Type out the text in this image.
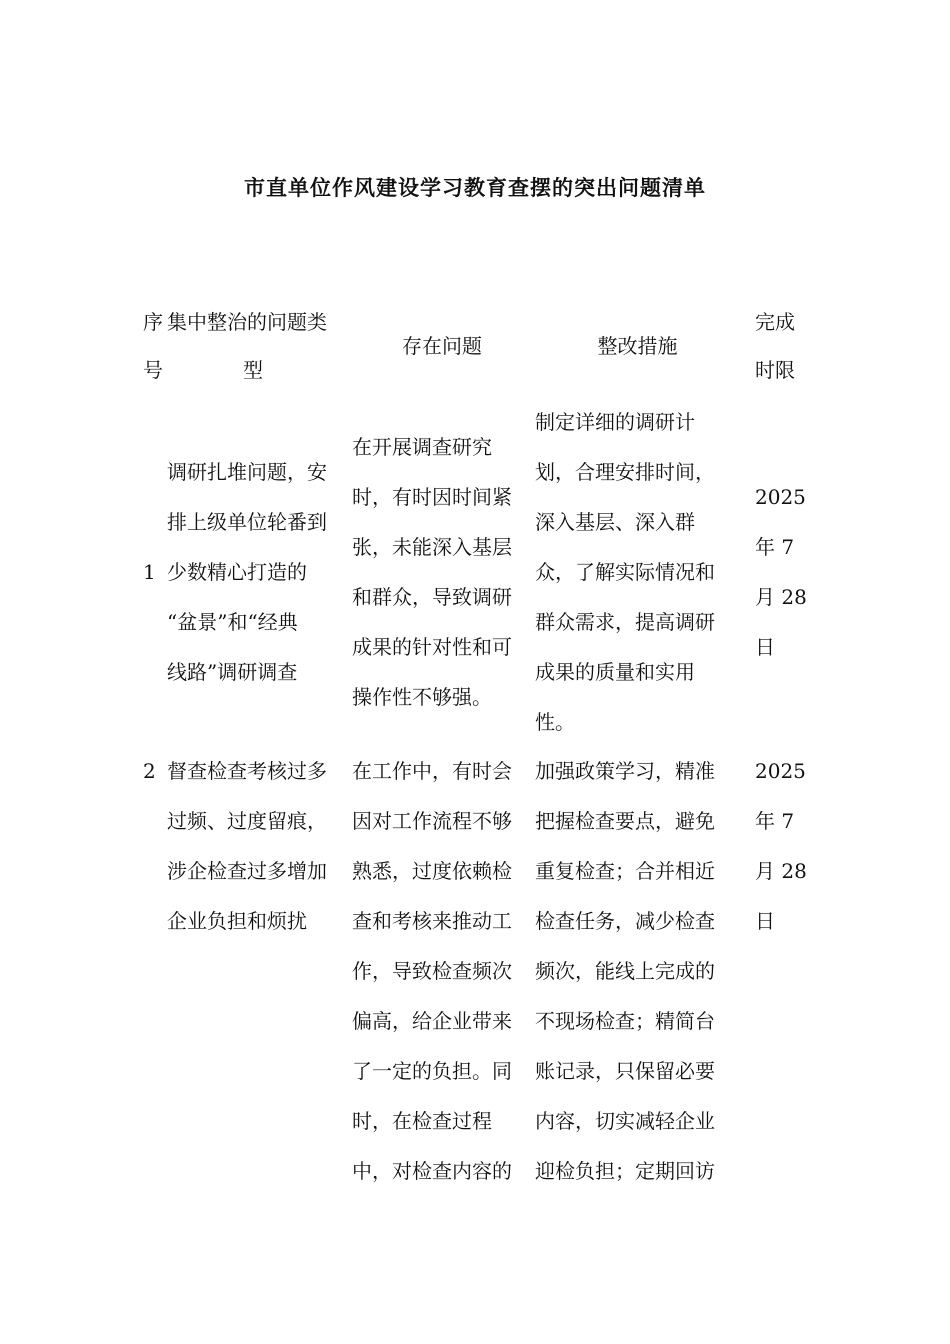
市直单位作风建设学习教育查摆的突出问题清单
序
号
集中整治的问题类
型
存在问题	整改措施
完成
时限
1
调研扎堆问题，安
排上级单位轮番到
少数精心打造的
“盆景”和“经典
线路”调研调查
在开展调查研究
时，有时因时间紧
张，未能深入基层
和群众，导致调研
成果的针对性和可
操作性不够强。
制定详细的调研计
划，合理安排时间，
深入基层、深入群
众，了解实际情况和
群众需求，提高调研
成果的质量和实用
性。
2025
年 7
月 28
日
2 督查检查考核过多
过频、过度留痕，
涉企检查过多增加
企业负担和烦扰
在工作中，有时会
因对工作流程不够
熟悉，过度依赖检
查和考核来推动工
作，导致检查频次
偏高，给企业带来
了一定的负担。同
时，在检查过程
中，对检查内容的
加强政策学习，精准
把握检查要点，避免
重复检查；合并相近
检查任务，减少检查
频次，能线上完成的
不现场检查；精简台
账记录，只保留必要
内容，切实减轻企业
迎检负担；定期回访
2025
年 7
月 28
日
